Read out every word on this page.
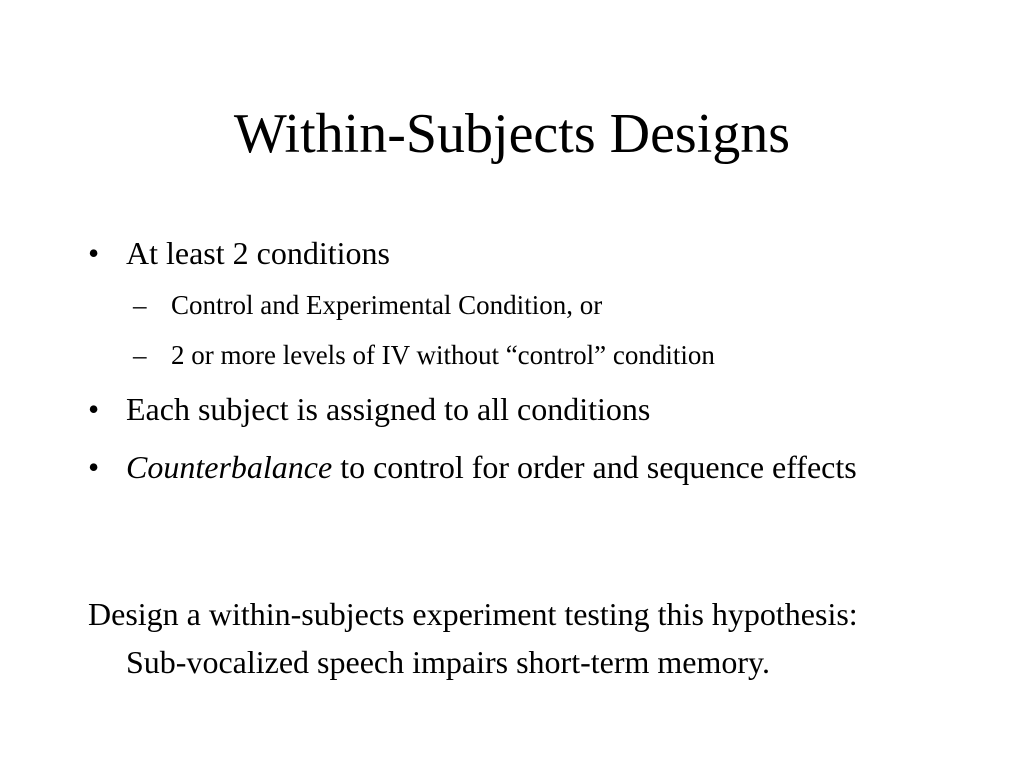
Within-Subjects Designs
• At least 2 conditions
– Control and Experimental Condition, or
– 2 or more levels of IV without “control” condition
• Each subject is assigned to all conditions
• Counterbalance to control for order and sequence effects
Design a within-subjects experiment testing this hypothesis:
Sub-vocalized speech impairs short-term memory.
